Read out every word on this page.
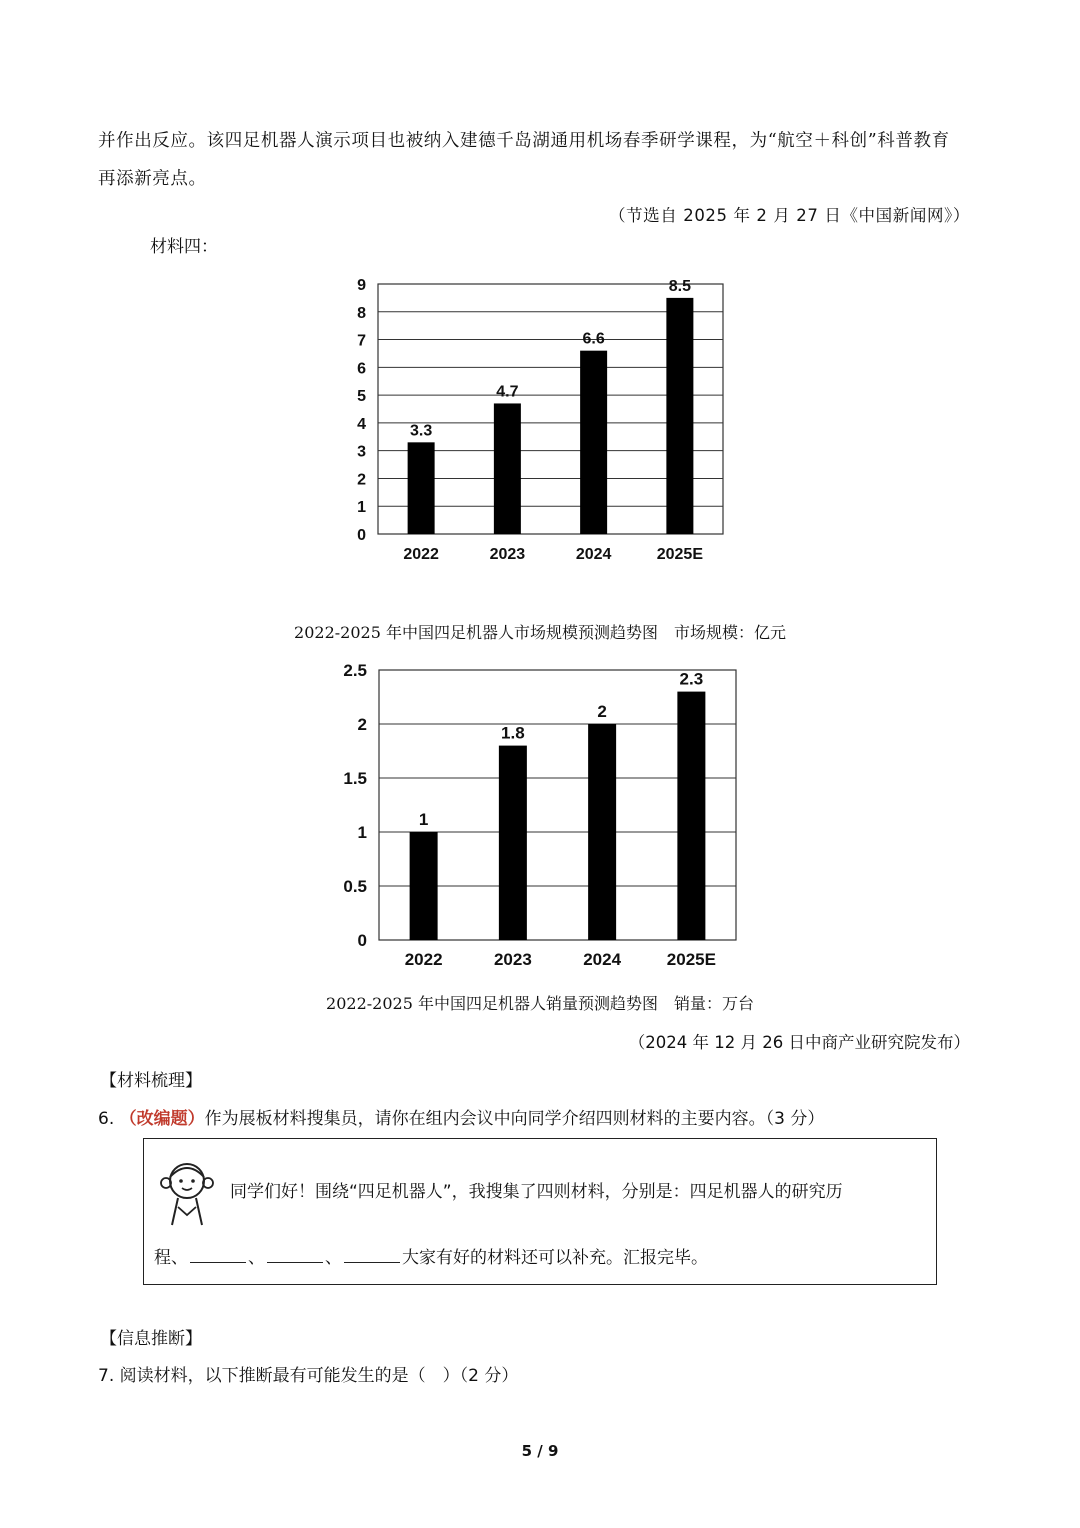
并作出反应。该四足机器人演示项目也被纳入建德千岛湖通用机场春季研学课程，为“航空＋科创”科普教育
再添新亮点。
（节选自 2025 年 2 月 27 日《中国新闻网》）
材料四：
0
1
2
3
4
5
6
7
8
9
3.3
2022
4.7
2023
6.6
2024
8.5
2025E
2022-2025 年中国四足机器人市场规模预测趋势图　市场规模：亿元
0
0.5
1
1.5
2
2.5
1
2022
1.8
2023
2
2024
2.3
2025E
2022-2025 年中国四足机器人销量预测趋势图　销量：万台
（2024 年 12 月 26 日中商产业研究院发布）
【材料梳理】
6. （改编题）作为展板材料搜集员，请你在组内会议中向同学介绍四则材料的主要内容。（3 分）
同学们好！围绕“四足机器人”，我搜集了四则材料，分别是：四足机器人的研究历
程、	、	、	大家有好的材料还可以补充。汇报完毕。
【信息推断】
7. 阅读材料，以下推断最有可能发生的是（　）（2 分）
5 / 9
